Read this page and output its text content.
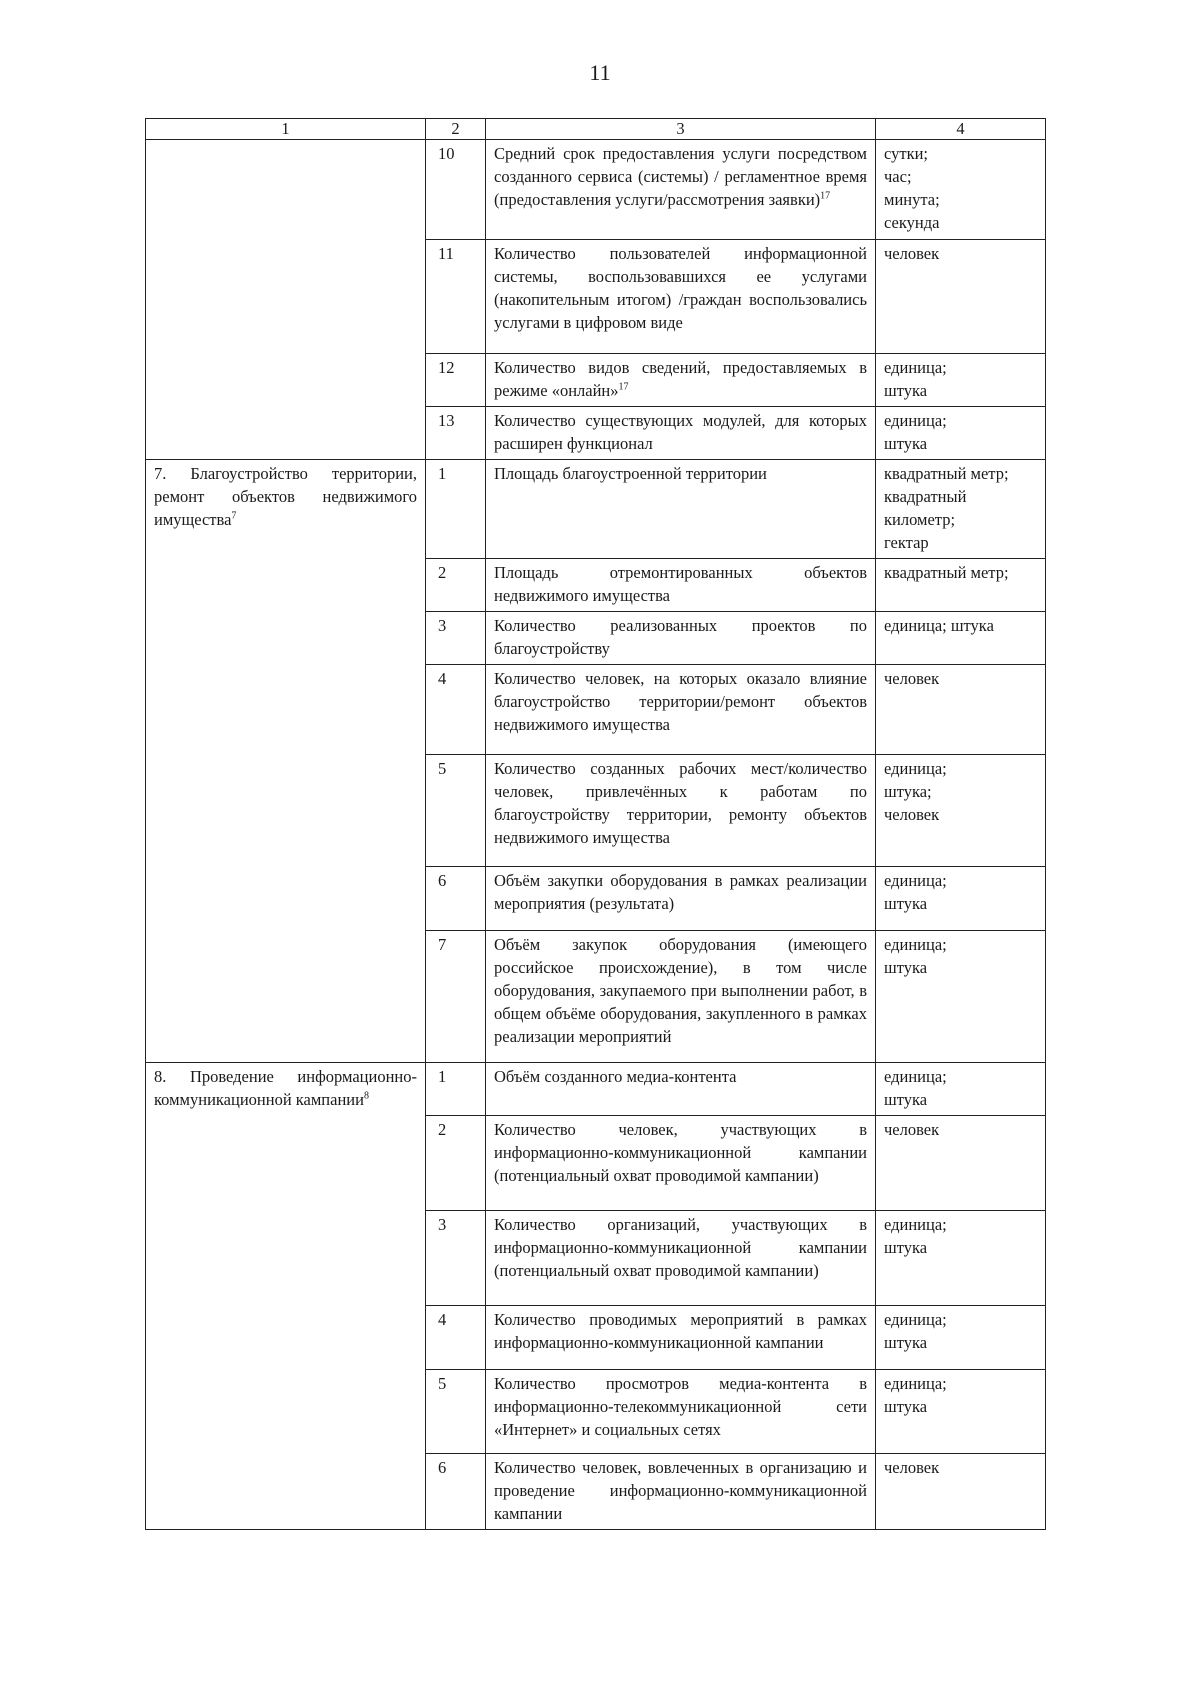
11
1	2	3	4
	10	Средний срок предоставления услуги посредством созданного сервиса (системы) / регламентное время (предоставления услуги/рассмотрения заявки)$^{17}$	сутки;
час;
минута;
секунда
	11	Количество пользователей информационной системы, воспользовавшихся ее услугами (накопительным итогом) /граждан воспользовались услугами в цифровом виде	человек
	12	Количество видов сведений, предоставляемых в режиме «онлайн»$^{17}$	единица;
штука
	13	Количество существующих модулей, для которых расширен функционал	единица;
штука
7. Благоустройство территории, ремонт объектов недвижимого имущества$^7$	1	Площадь благоустроенной территории	квадратный метр;
квадратный километр;
гектар
	2	Площадь отремонтированных объектов недвижимого имущества	квадратный метр;
	3	Количество реализованных проектов по благоустройству	единица; штука
	4	Количество человек, на которых оказало влияние благоустройство территории/ремонт объектов недвижимого имущества	человек
	5	Количество созданных рабочих мест/количество человек, привлечённых к работам по благоустройству территории, ремонту объектов недвижимого имущества	единица;
штука;
человек
	6	Объём закупки оборудования в рамках реализации мероприятия (результата)	единица;
штука
	7	Объём закупок оборудования (имеющего российское происхождение), в том числе оборудования, закупаемого при выполнении работ, в общем объёме оборудования, закупленного в рамках реализации мероприятий	единица;
штука
8. Проведение информационно-коммуникационной кампании$^8$	1	Объём созданного медиа-контента	единица;
штука
	2	Количество человек, участвующих в информационно-коммуникационной кампании (потенциальный охват проводимой кампании)	человек
	3	Количество организаций, участвующих в информационно-коммуникационной кампании (потенциальный охват проводимой кампании)	единица;
штука
	4	Количество проводимых мероприятий в рамках информационно-коммуникационной кампании	единица;
штука
	5	Количество просмотров медиа-контента в информационно-телекоммуникационной сети «Интернет» и социальных сетях	единица;
штука
	6	Количество человек, вовлеченных в организацию и проведение информационно-коммуникационной кампании	человек
